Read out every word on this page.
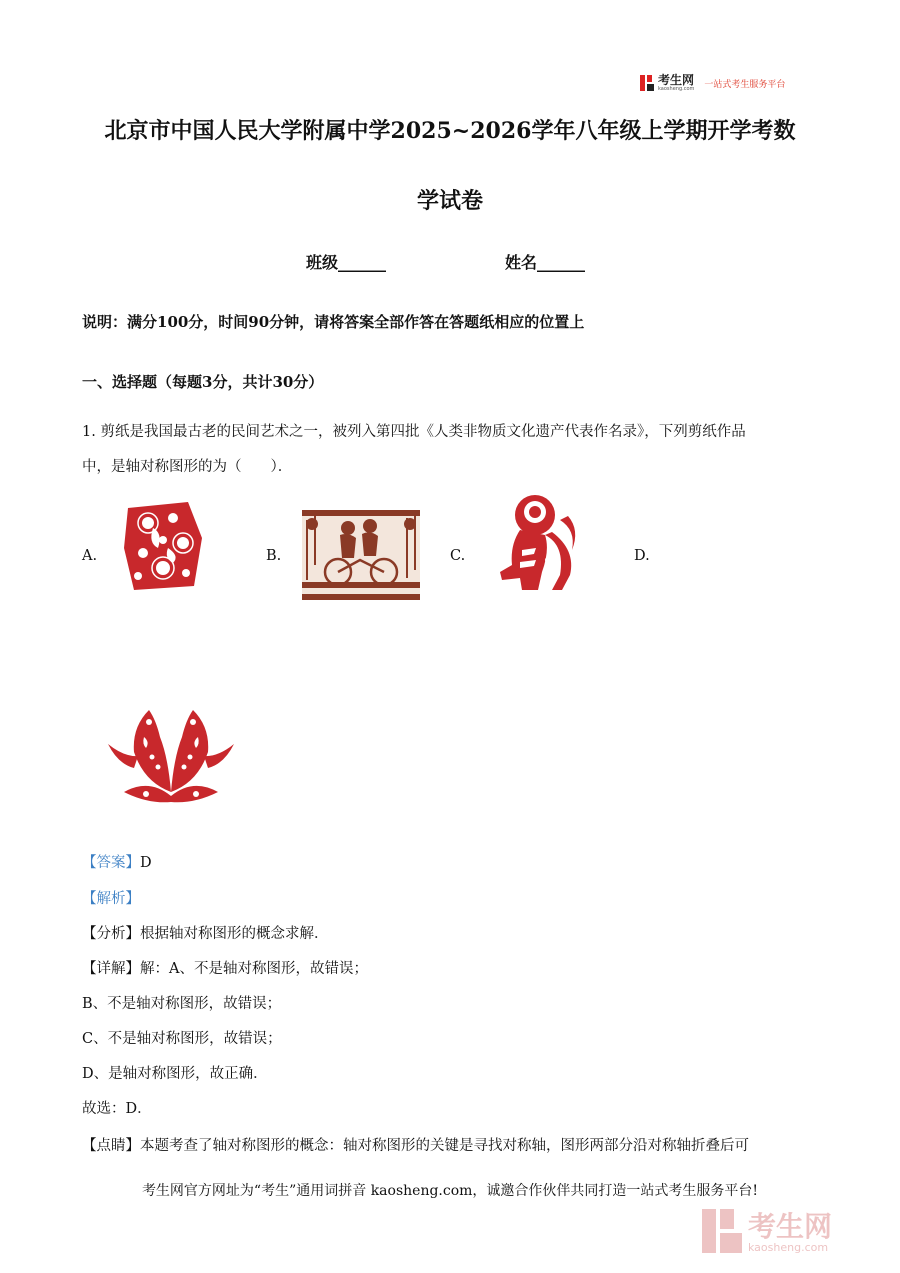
考生网
kaosheng.com 一站式考生服务平台
北京市中国人民大学附属中学2025~2026学年八年级上学期开学考数
学试卷
班级______	姓名______
说明：满分100分，时间90分钟，请将答案全部作答在答题纸相应的位置上
一、选择题（每题3分，共计30分）
1. 剪纸是我国最古老的民间艺术之一，被列入第四批《人类非物质文化遗产代表作名录》，下列剪纸作品
中，是轴对称图形的为（　　）．
A.	B.	C.	D.
【答案】D
【解析】
【分析】根据轴对称图形的概念求解．
【详解】解：A、不是轴对称图形，故错误；
B、不是轴对称图形，故错误；
C、不是轴对称图形，故错误；
D、是轴对称图形，故正确．
故选：D．
【点睛】本题考查了轴对称图形的概念：轴对称图形的关键是寻找对称轴，图形两部分沿对称轴折叠后可
考生网官方网址为“考生”通用词拼音 kaosheng.com，诚邀合作伙伴共同打造一站式考生服务平台!
考生网
kaosheng.com
